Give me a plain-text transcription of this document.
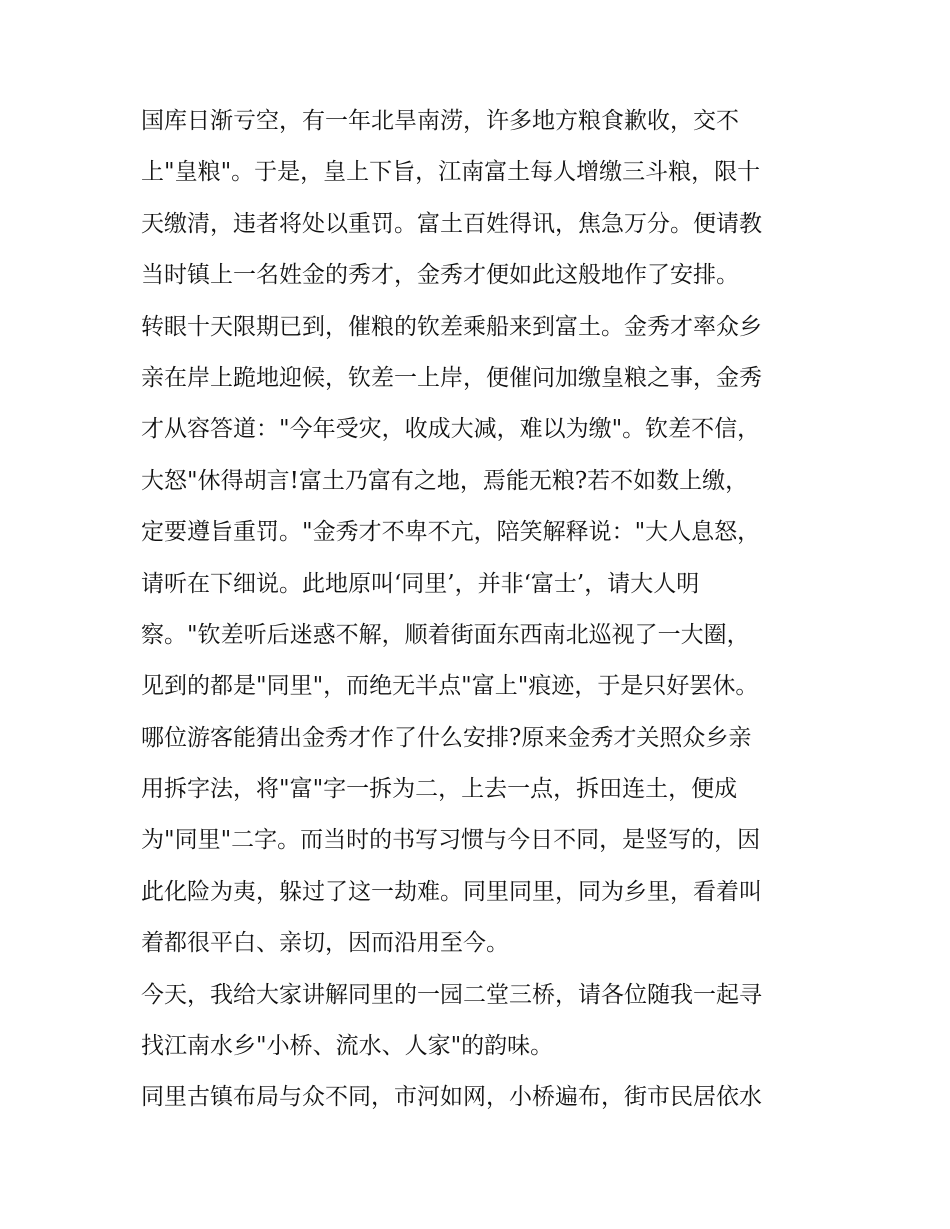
国库日渐亏空，有一年北旱南涝，许多地方粮食歉收，交不
上"皇粮"。于是，皇上下旨，江南富土每人增缴三斗粮，限十
天缴清，违者将处以重罚。富土百姓得讯，焦急万分。便请教
当时镇上一名姓金的秀才，金秀才便如此这般地作了安排。
转眼十天限期已到，催粮的钦差乘船来到富土。金秀才率众乡
亲在岸上跪地迎候，钦差一上岸，便催问加缴皇粮之事，金秀
才从容答道："今年受灾，收成大减，难以为缴"。钦差不信，
大怒"休得胡言!富土乃富有之地，焉能无粮?若不如数上缴，
定要遵旨重罚。"金秀才不卑不亢，陪笑解释说："大人息怒，
请听在下细说。此地原叫‘同里’，并非‘富士’，请大人明
察。"钦差听后迷惑不解，顺着街面东西南北巡视了一大圈，
见到的都是"同里"，而绝无半点"富上"痕迹，于是只好罢休。
哪位游客能猜出金秀才作了什么安排?原来金秀才关照众乡亲
用拆字法，将"富"字一拆为二，上去一点，拆田连土，便成
为"同里"二字。而当时的书写习惯与今日不同，是竖写的，因
此化险为夷，躲过了这一劫难。同里同里，同为乡里，看着叫
着都很平白、亲切，因而沿用至今。
今天，我给大家讲解同里的一园二堂三桥，请各位随我一起寻
找江南水乡"小桥、流水、人家"的韵味。
同里古镇布局与众不同，市河如网，小桥遍布，街市民居依水
